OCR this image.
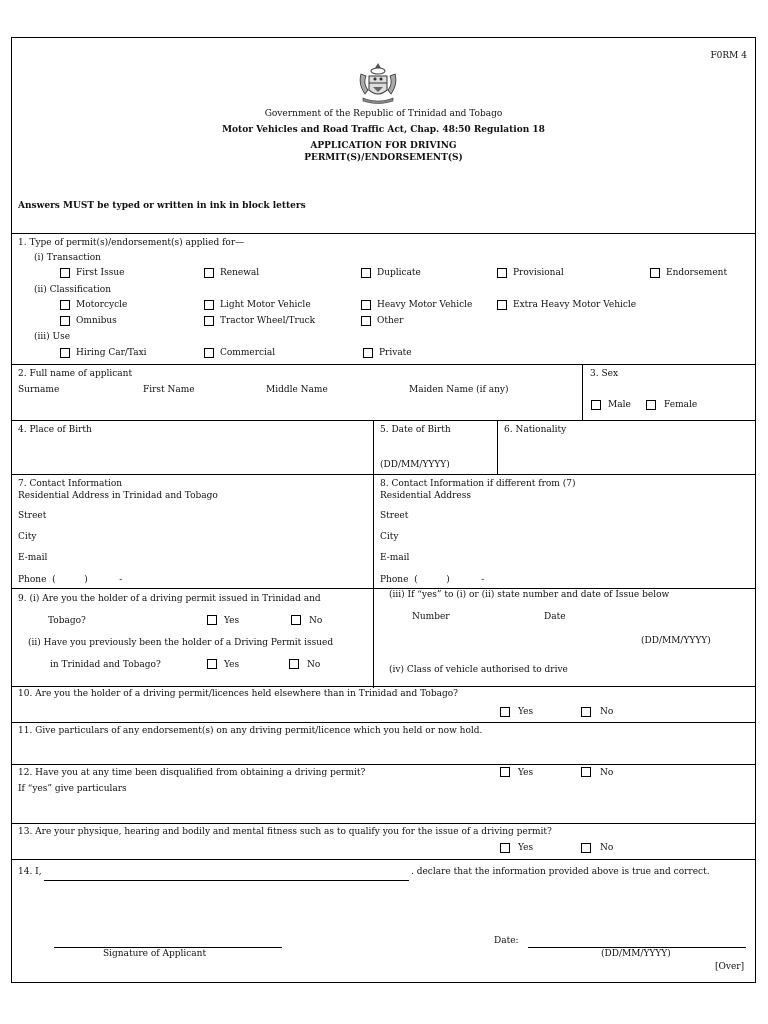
F0RM 4
Government of the Republic of Trinidad and Tobago
Motor Vehicles and Road Traffic Act, Chap. 48:50 Regulation 18
APPLICATION FOR DRIVING
PERMIT(S)/ENDORSEMENT(S)
Answers MUST be typed or written in ink in block letters
1. Type of permit(s)/endorsement(s) applied for—
(i) Transaction
First Issue	Renewal	Duplicate	Provisional	Endorsement
(ii) Classification
Motorcycle	Light Motor Vehicle	Heavy Motor Vehicle	Extra Heavy Motor Vehicle
Omnibus	Tractor Wheel/Truck	Other
(iii) Use
Hiring Car/Taxi	Commercial	Private
2. Full name of applicant
Surname	First Name	Middle Name	Maiden Name (if any)
3. Sex
Male	Female
4. Place of Birth	5. Date of Birth
(DD/MM/YYYY)
6. Nationality
7. Contact Information
Residential Address in Trinidad and Tobago
Street
City
E-mail
Phone  (          )           -
8. Contact Information if different from (7)
Residential Address
Street
City
E-mail
Phone  (          )           -
9. (i) Are you the holder of a driving permit issued in Trinidad and
Tobago?	Yes	No
(ii) Have you previously been the holder of a Driving Permit issued
in Trinidad and Tobago?	Yes	No
(iii) If “yes” to (i) or (ii) state number and date of Issue below
Number	Date
(DD/MM/YYYY)
(iv) Class of vehicle authorised to drive
10. Are you the holder of a driving permit/licences held elsewhere than in Trinidad and Tobago?
Yes	No
11. Give particulars of any endorsement(s) on any driving permit/licence which you held or now hold.
12. Have you at any time been disqualified from obtaining a driving permit?	Yes	No
If “yes” give particulars
13. Are your physique, hearing and bodily and mental fitness such as to qualify you for the issue of a driving permit?
Yes	No
14. I,	. declare that the information provided above is true and correct.
Signature of Applicant
Date:
(DD/MM/YYYY)
[Over]
